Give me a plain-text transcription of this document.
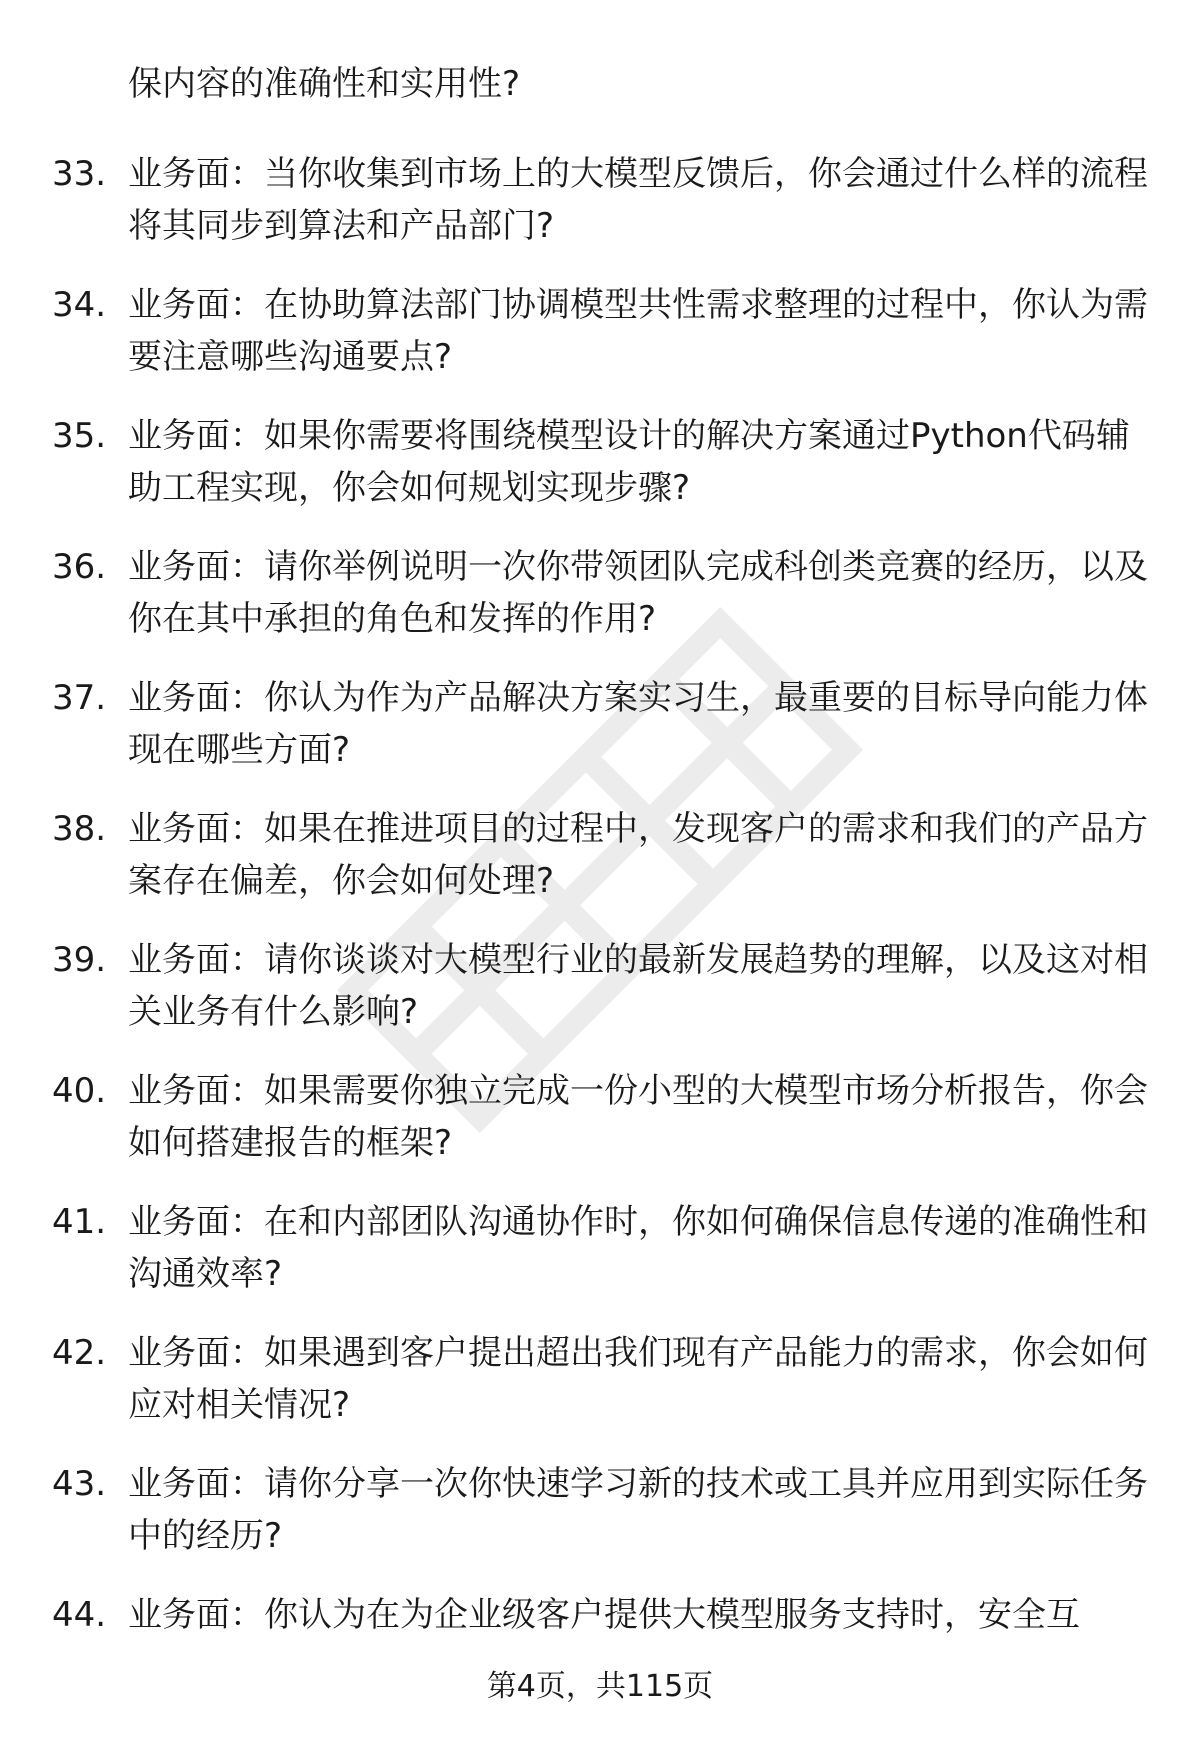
保内容的准确性和实用性?

33. 业务面：当你收集到市场上的大模型反馈后，你会通过什么样的流程将其同步到算法和产品部门?
34. 业务面：在协助算法部门协调模型共性需求整理的过程中，你认为需要注意哪些沟通要点?
35. 业务面：如果你需要将围绕模型设计的解决方案通过Python代码辅助工程实现，你会如何规划实现步骤?
36. 业务面：请你举例说明一次你带领团队完成科创类竞赛的经历，以及你在其中承担的角色和发挥的作用?
37. 业务面：你认为作为产品解决方案实习生，最重要的目标导向能力体现在哪些方面?
38. 业务面：如果在推进项目的过程中，发现客户的需求和我们的产品方案存在偏差，你会如何处理?
39. 业务面：请你谈谈对大模型行业的最新发展趋势的理解，以及这对相关业务有什么影响?
40. 业务面：如果需要你独立完成一份小型的大模型市场分析报告，你会如何搭建报告的框架?
41. 业务面：在和内部团队沟通协作时，你如何确保信息传递的准确性和沟通效率?
42. 业务面：如果遇到客户提出超出我们现有产品能力的需求，你会如何应对相关情况?
43. 业务面：请你分享一次你快速学习新的技术或工具并应用到实际任务中的经历?
44. 业务面：你认为在为企业级客户提供大模型服务支持时，安全互
第4页，共115页
